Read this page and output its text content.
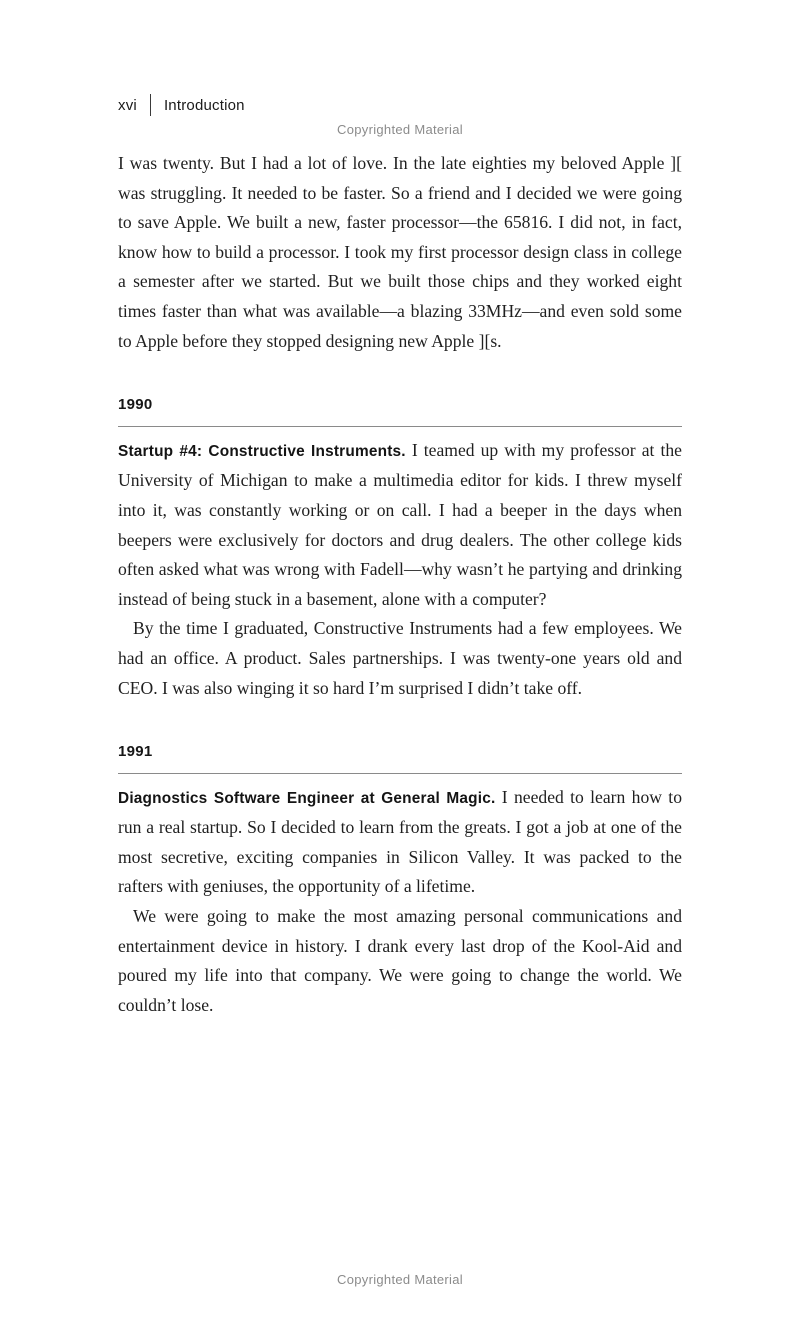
Copyrighted Material
xvi Introduction

I was twenty. But I had a lot of love. In the late eighties my beloved Apple ][ was struggling. It needed to be faster. So a friend and I decided we were going to save Apple. We built a new, faster processor—the 65816. I did not, in fact, know how to build a processor. I took my first processor design class in college a semester after we started. But we built those chips and they worked eight times faster than what was available—a blazing 33MHz—and even sold some to Apple before they stopped designing new Apple ][s.

1990

Startup #4: Constructive Instruments. I teamed up with my professor at the University of Michigan to make a multimedia editor for kids. I threw myself into it, was constantly working or on call. I had a beeper in the days when beepers were exclusively for doctors and drug dealers. The other college kids often asked what was wrong with Fadell—why wasn’t he partying and drinking instead of being stuck in a basement, alone with a computer?

By the time I graduated, Constructive Instruments had a few employees. We had an office. A product. Sales partnerships. I was twenty-one years old and CEO. I was also winging it so hard I’m surprised I didn’t take off.

1991

Diagnostics Software Engineer at General Magic. I needed to learn how to run a real startup. So I decided to learn from the greats. I got a job at one of the most secretive, exciting companies in Silicon Valley. It was packed to the rafters with geniuses, the opportunity of a lifetime.

We were going to make the most amazing personal communications and entertainment device in history. I drank every last drop of the Kool-Aid and poured my life into that company. We were going to change the world. We couldn’t lose.

Copyrighted Material
